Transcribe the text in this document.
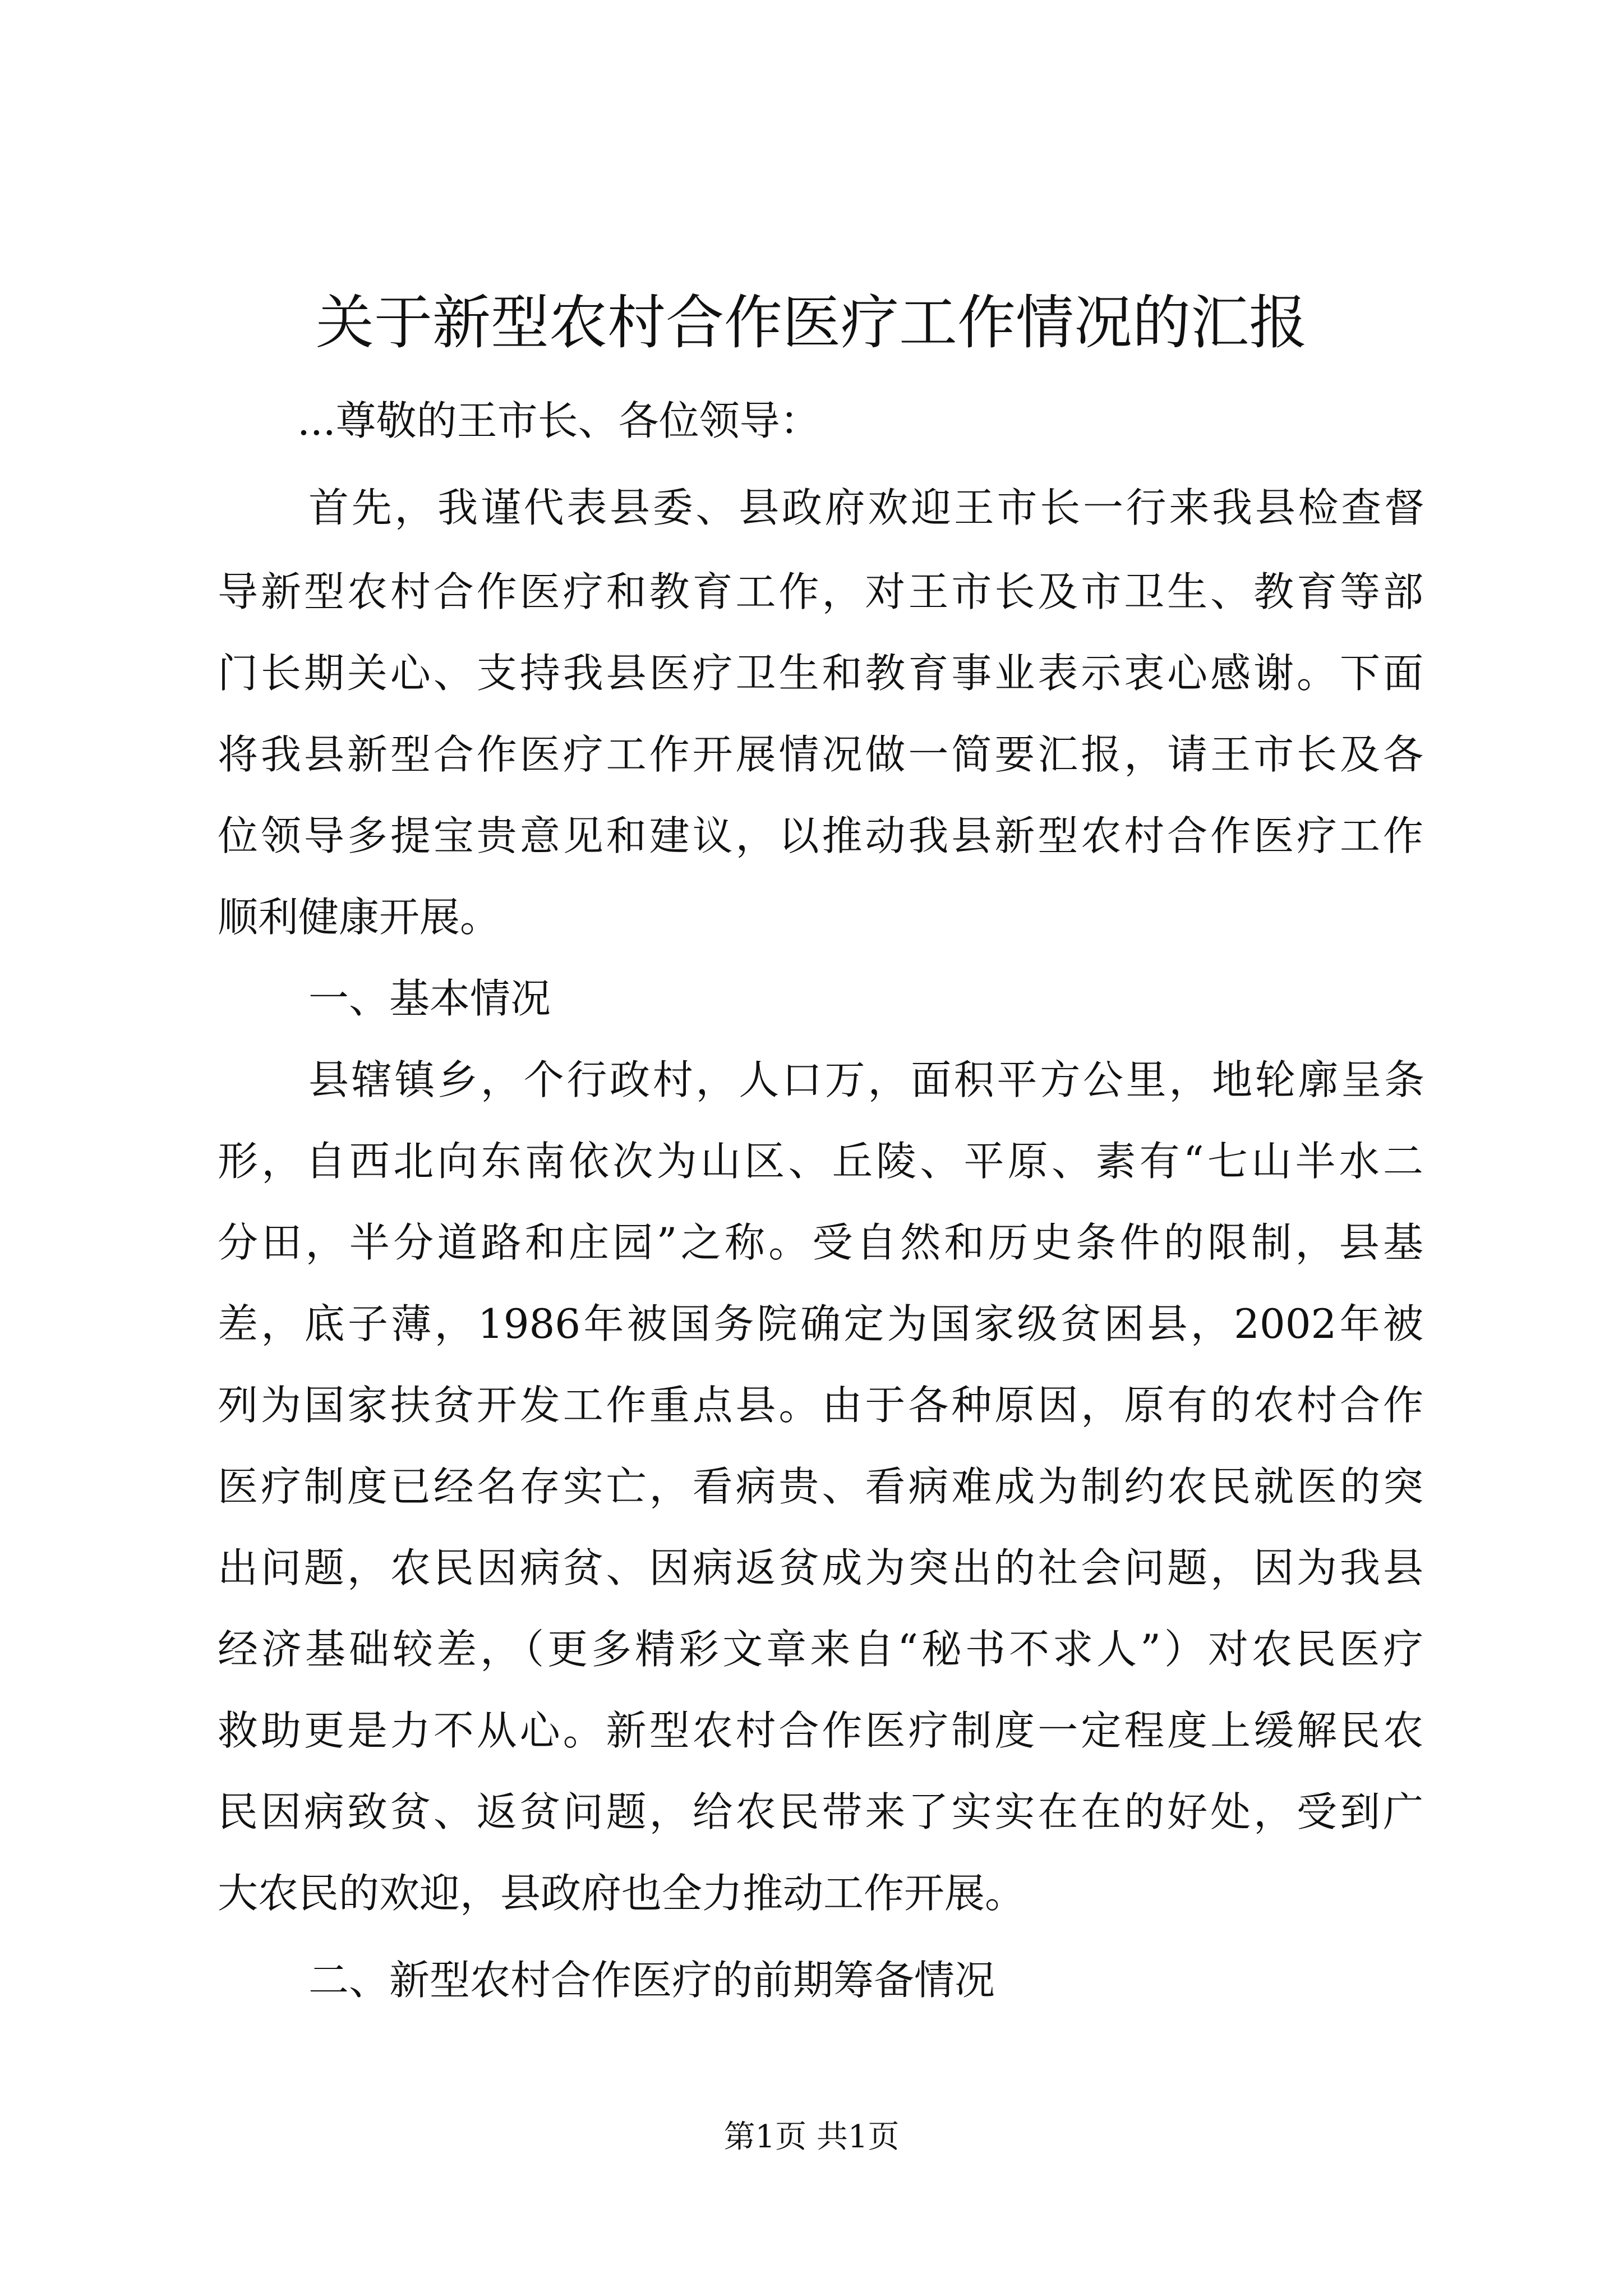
关于新型农村合作医疗工作情况的汇报
...尊敬的王市长、各位领导：
首先，我谨代表县委、县政府欢迎王市长一行来我县检查督
导新型农村合作医疗和教育工作，对王市长及市卫生、教育等部
门长期关心、支持我县医疗卫生和教育事业表示衷心感谢。下面
将我县新型合作医疗工作开展情况做一简要汇报，请王市长及各
位领导多提宝贵意见和建议，以推动我县新型农村合作医疗工作
顺利健康开展。
一、基本情况
县辖镇乡，个行政村，人口万，面积平方公里，地轮廓呈条
形，自西北向东南依次为山区、丘陵、平原、素有“七山半水二
分田，半分道路和庄园”之称。受自然和历史条件的限制，县基
差，底子薄，1986年被国务院确定为国家级贫困县，2002年被
列为国家扶贫开发工作重点县。由于各种原因，原有的农村合作
医疗制度已经名存实亡，看病贵、看病难成为制约农民就医的突
出问题，农民因病贫、因病返贫成为突出的社会问题，因为我县
经济基础较差，（更多精彩文章来自“秘书不求人”）对农民医疗
救助更是力不从心。新型农村合作医疗制度一定程度上缓解民农
民因病致贫、返贫问题，给农民带来了实实在在的好处，受到广
大农民的欢迎，县政府也全力推动工作开展。
二、新型农村合作医疗的前期筹备情况
第1页 共1页
